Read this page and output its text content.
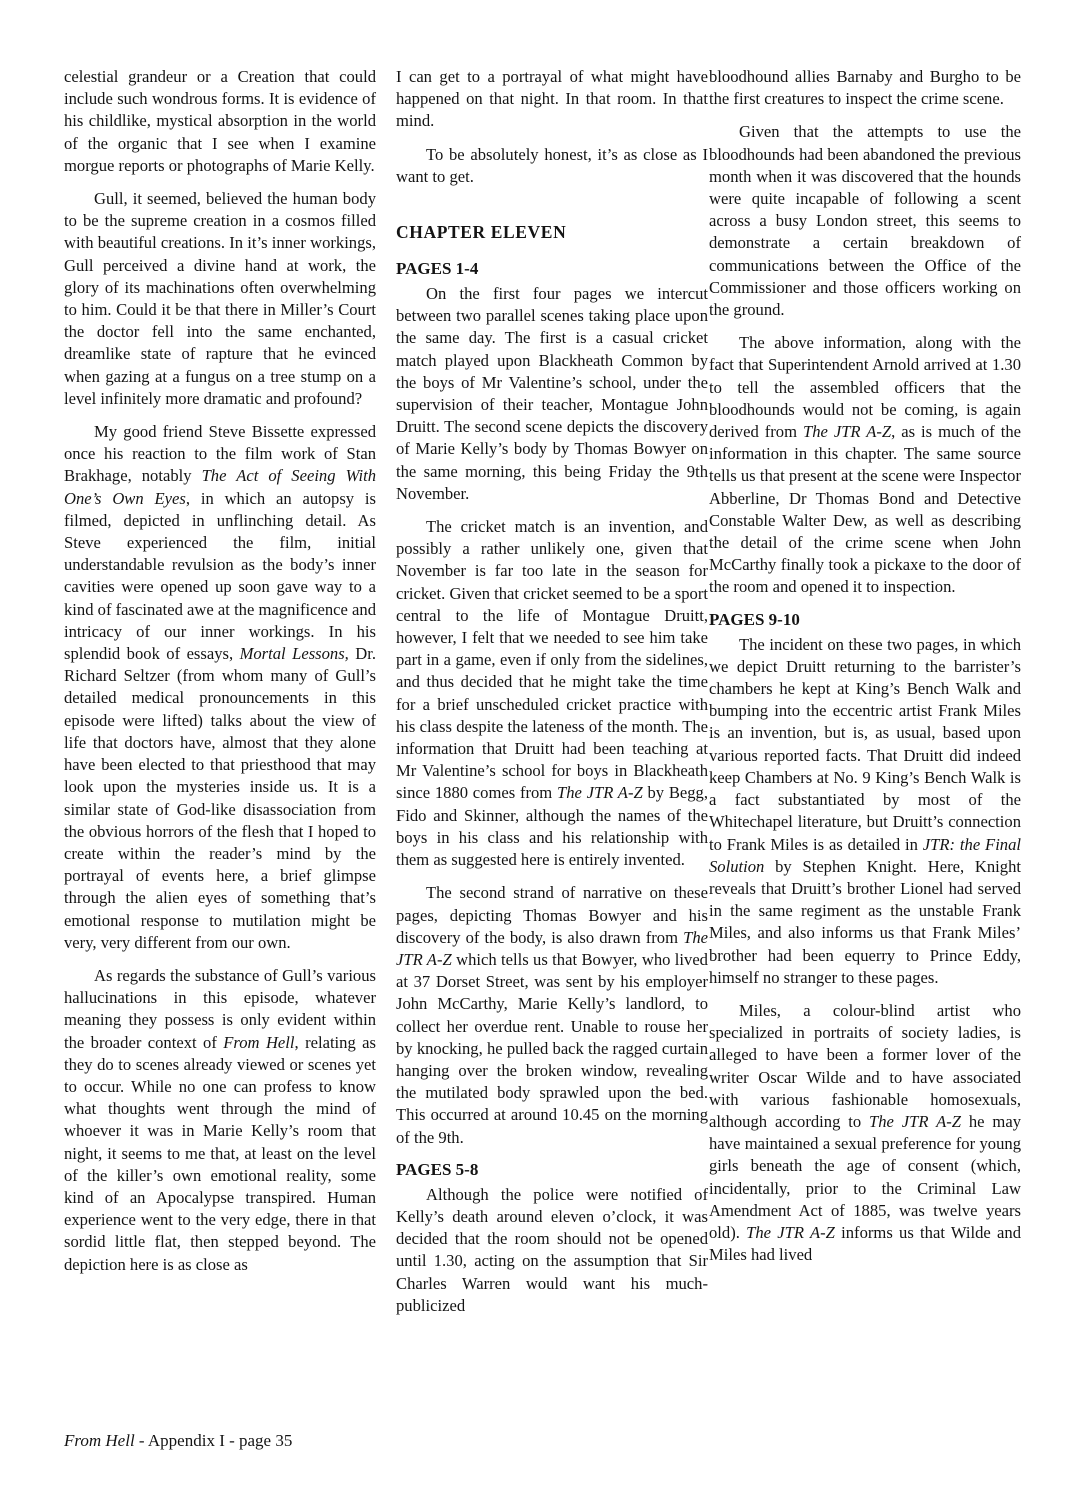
celestial grandeur or a Creation that could include such wondrous forms. It is evidence of his childlike, mystical absorption in the world of the organic that I see when I examine morgue reports or photographs of Marie Kelly.

Gull, it seemed, believed the human body to be the supreme creation in a cosmos filled with beautiful creations. In it’s inner workings, Gull perceived a divine hand at work, the glory of its machinations often overwhelming to him. Could it be that there in Miller’s Court the doctor fell into the same enchanted, dreamlike state of rapture that he evinced when gazing at a fungus on a tree stump on a level infinitely more dramatic and profound?

My good friend Steve Bissette expressed once his reaction to the film work of Stan Brakhage, notably The Act of Seeing With One’s Own Eyes, in which an autopsy is filmed, depicted in unflinching detail. As Steve experienced the film, initial understandable revulsion as the body’s inner cavities were opened up soon gave way to a kind of fascinated awe at the magnificence and intricacy of our inner workings. In his splendid book of essays, Mortal Lessons, Dr. Richard Seltzer (from whom many of Gull’s detailed medical pronouncements in this episode were lifted) talks about the view of life that doctors have, almost that they alone have been elected to that priesthood that may look upon the mysteries inside us. It is a similar state of God-like disassociation from the obvious horrors of the flesh that I hoped to create within the reader’s mind by the portrayal of events here, a brief glimpse through the alien eyes of something that’s emotional response to mutilation might be very, very different from our own.

As regards the substance of Gull’s various hallucinations in this episode, whatever meaning they possess is only evident within the broader context of From Hell, relating as they do to scenes already viewed or scenes yet to occur. While no one can profess to know what thoughts went through the mind of whoever it was in Marie Kelly’s room that night, it seems to me that, at least on the level of the killer’s own emotional reality, some kind of an Apocalypse transpired. Human experience went to the very edge, there in that sordid little flat, then stepped beyond. The depiction here is as close as

I can get to a portrayal of what might have happened on that night. In that room. In that mind.

To be absolutely honest, it’s as close as I want to get.

CHAPTER ELEVEN
PAGES 1-4

On the first four pages we intercut between two parallel scenes taking place upon the same day. The first is a casual cricket match played upon Blackheath Common by the boys of Mr Valentine’s school, under the supervision of their teacher, Montague John Druitt. The second scene depicts the discovery of Marie Kelly’s body by Thomas Bowyer on the same morning, this being Friday the 9th November.

The cricket match is an invention, and possibly a rather unlikely one, given that November is far too late in the season for cricket. Given that cricket seemed to be a sport central to the life of Montague Druitt, however, I felt that we needed to see him take part in a game, even if only from the sidelines, and thus decided that he might take the time for a brief unscheduled cricket practice with his class despite the lateness of the month. The information that Druitt had been teaching at Mr Valentine’s school for boys in Blackheath since 1880 comes from The JTR A-Z by Begg, Fido and Skinner, although the names of the boys in his class and his relationship with them as suggested here is entirely invented.

The second strand of narrative on these pages, depicting Thomas Bowyer and his discovery of the body, is also drawn from The JTR A-Z which tells us that Bowyer, who lived at 37 Dorset Street, was sent by his employer John McCarthy, Marie Kelly’s landlord, to collect her overdue rent. Unable to rouse her by knocking, he pulled back the ragged curtain hanging over the broken window, revealing the mutilated body sprawled upon the bed. This occurred at around 10.45 on the morning of the 9th.

PAGES 5-8

Although the police were notified of Kelly’s death around eleven o’clock, it was decided that the room should not be opened until 1.30, acting on the assumption that Sir Charles Warren would want his much-publicized

bloodhound allies Barnaby and Burgho to be the first creatures to inspect the crime scene.

Given that the attempts to use the bloodhounds had been abandoned the previous month when it was discovered that the hounds were quite incapable of following a scent across a busy London street, this seems to demonstrate a certain breakdown of communications between the Office of the Commissioner and those officers working on the ground.

The above information, along with the fact that Superintendent Arnold arrived at 1.30 to tell the assembled officers that the bloodhounds would not be coming, is again derived from The JTR A-Z, as is much of the information in this chapter. The same source tells us that present at the scene were Inspector Abberline, Dr Thomas Bond and Detective Constable Walter Dew, as well as describing the detail of the crime scene when John McCarthy finally took a pickaxe to the door of the room and opened it to inspection.

PAGES 9-10

The incident on these two pages, in which we depict Druitt returning to the barrister’s chambers he kept at King’s Bench Walk and bumping into the eccentric artist Frank Miles is an invention, but is, as usual, based upon various reported facts. That Druitt did indeed keep Chambers at No. 9 King’s Bench Walk is a fact substantiated by most of the Whitechapel literature, but Druitt’s connection to Frank Miles is as detailed in JTR: the Final Solution by Stephen Knight. Here, Knight reveals that Druitt’s brother Lionel had served in the same regiment as the unstable Frank Miles, and also informs us that Frank Miles’ brother had been equerry to Prince Eddy, himself no stranger to these pages.

Miles, a colour-blind artist who specialized in portraits of society ladies, is alleged to have been a former lover of the writer Oscar Wilde and to have associated with various fashionable homosexuals, although according to The JTR A-Z he may have maintained a sexual preference for young girls beneath the age of consent (which, incidentally, prior to the Criminal Law Amendment Act of 1885, was twelve years old). The JTR A-Z informs us that Wilde and Miles had lived

From Hell - Appendix I - page 35
